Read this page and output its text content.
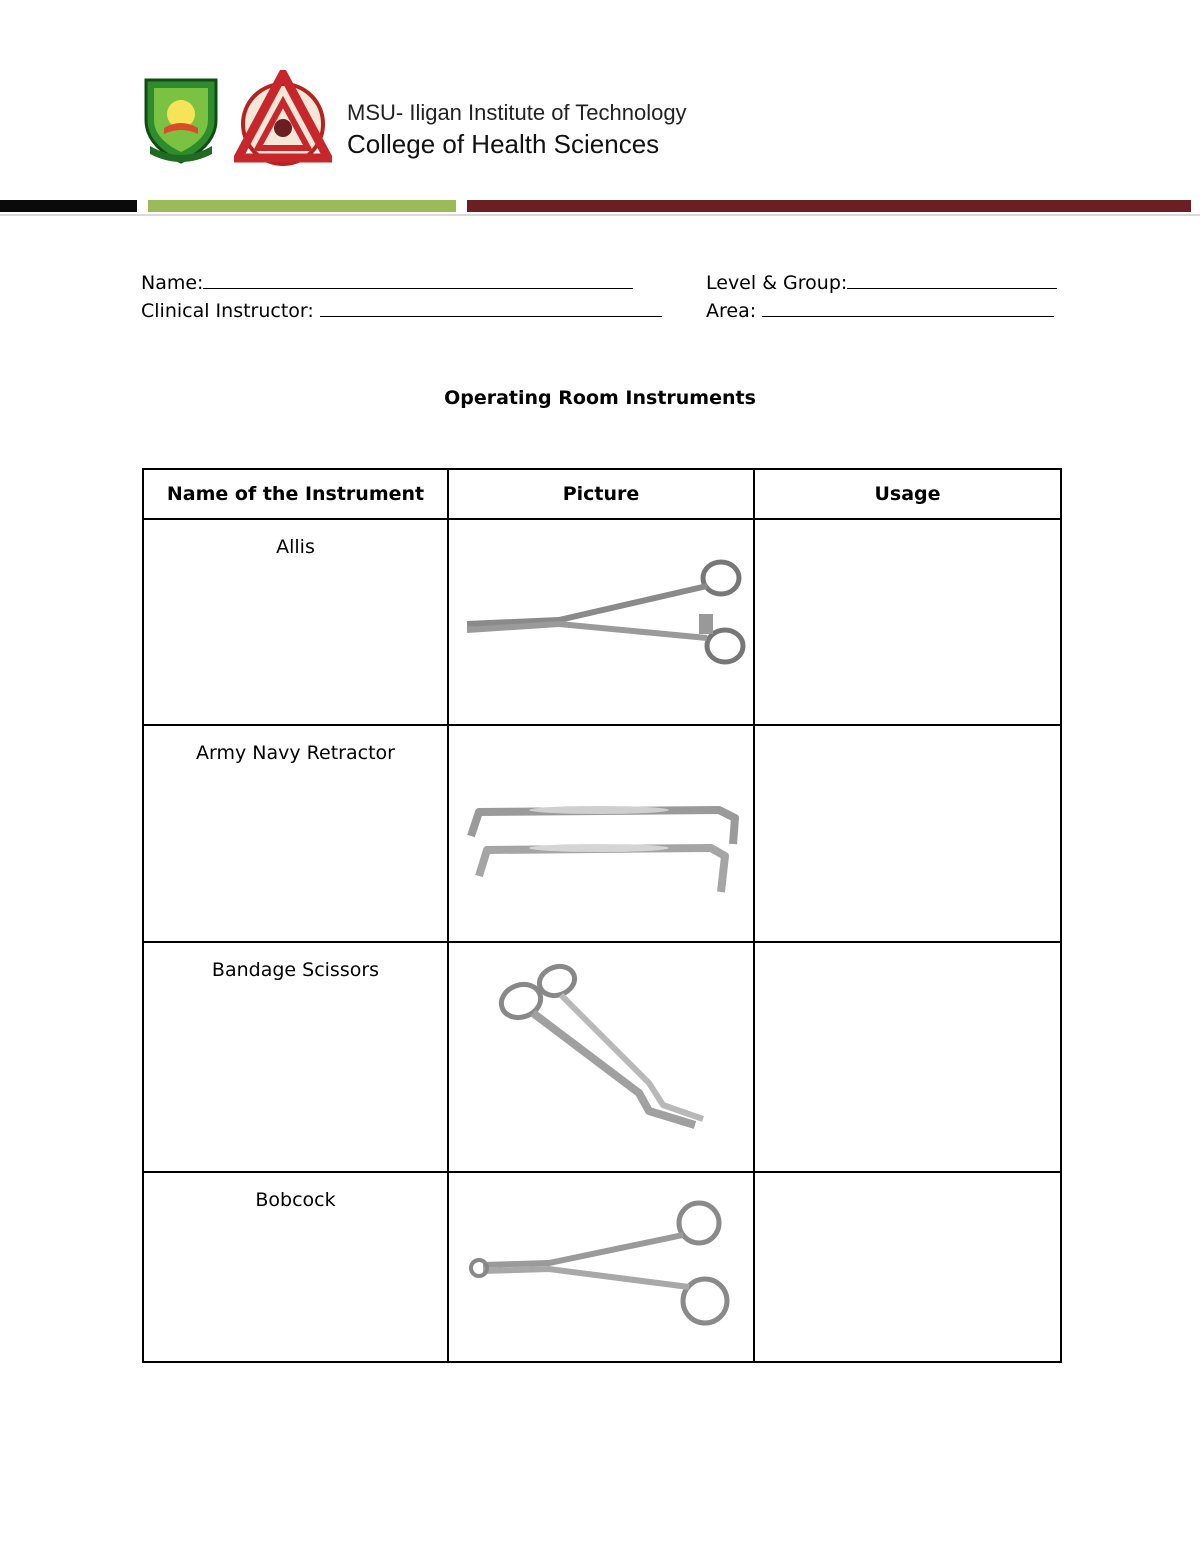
MSU- Iligan Institute of Technology
College of Health Sciences
Name:
Clinical Instructor:
Level & Group:
Area:
Operating Room Instruments
Name of the Instrument	Picture	Usage
Allis	

Army Navy Retractor	

Bandage Scissors	

Bobcock	
